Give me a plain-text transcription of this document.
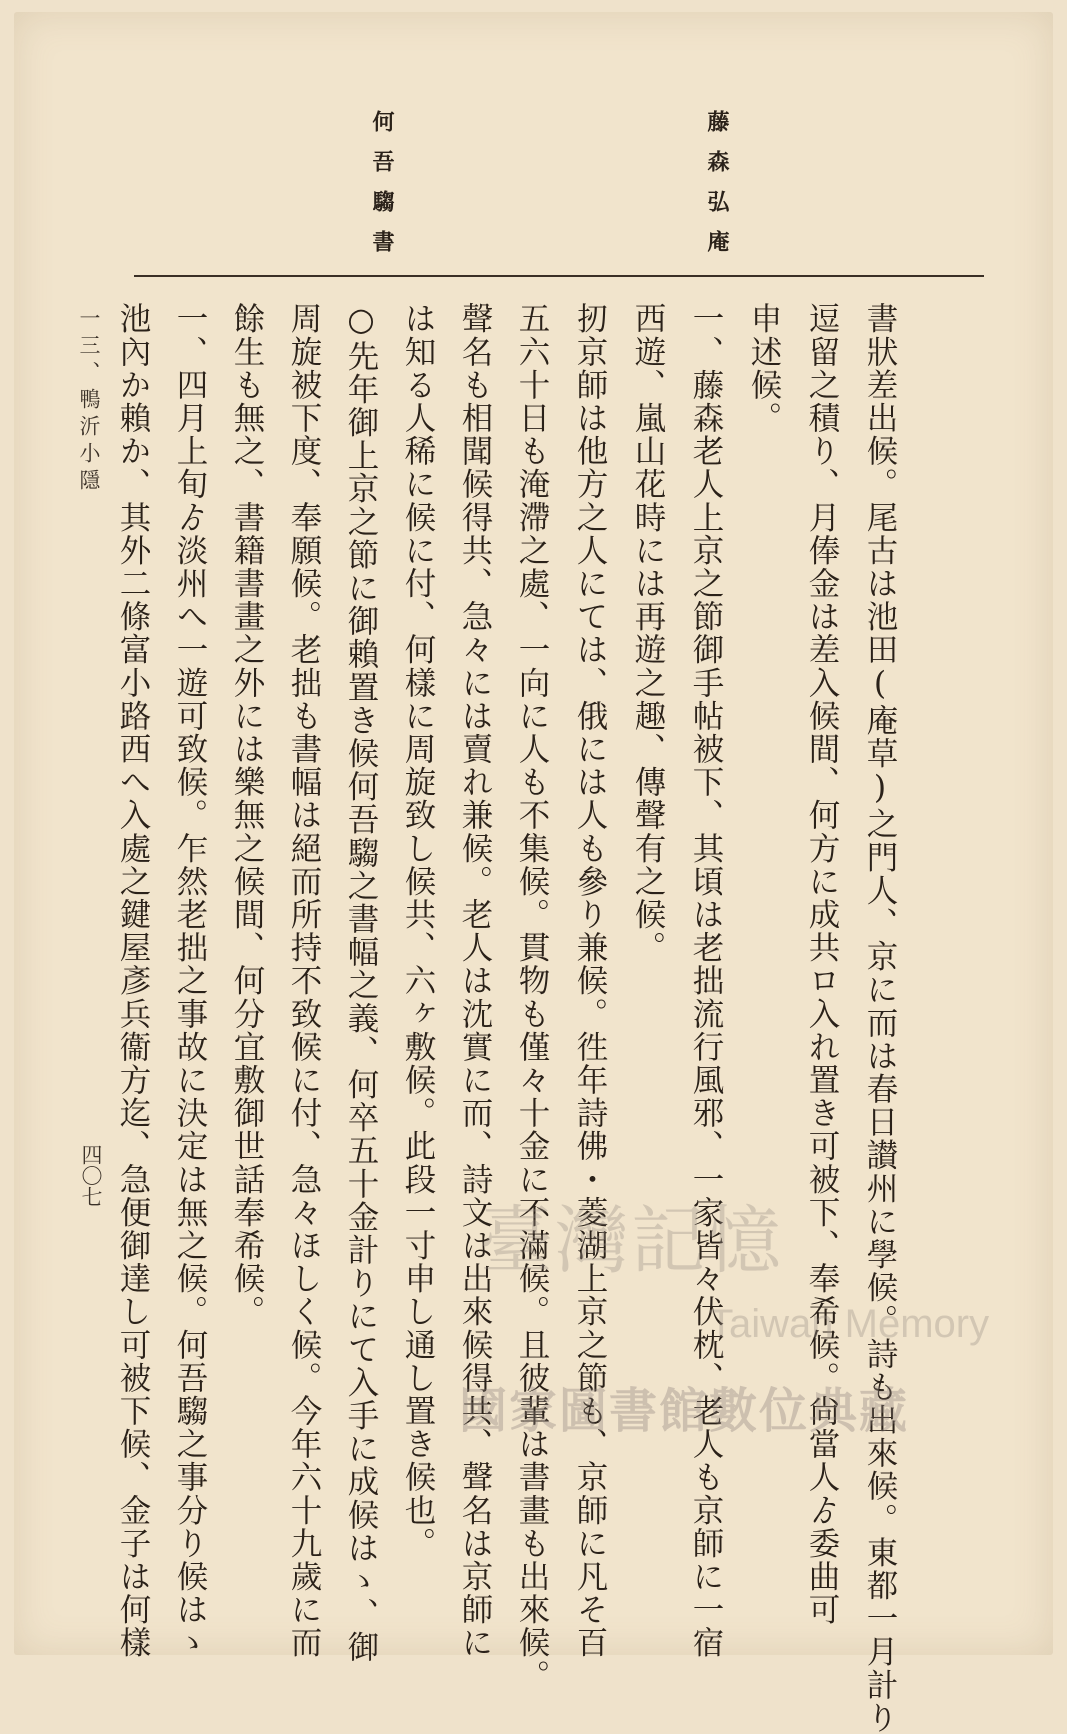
藤森弘庵
何吾騶書
書狀差出候。尾古は池田(庵草)之門人、京に而は春日讃州に學候。詩も出來候。東都一月計り
逗留之積り、月俸金は差入候間、何方に成共ロ入れ置き可被下、奉希候。尙當人ゟ委曲可
申述候。
一、藤森老人上京之節御手帖被下、其頃は老拙流行風邪、一家皆々伏枕、老人も京師に一宿
西遊、嵐山花時には再遊之趣、傳聲有之候。
扨京師は他方之人にては、俄には人も參り兼候。徃年詩佛・菱湖上京之節も、京師に凡そ百
五六十日も淹滯之處、一向に人も不集候。貫物も僅々十金に不滿候。且彼輩は書畫も出來候。
聲名も相聞候得共、急々には賣れ兼候。老人は沈實に而、詩文は出來候得共、聲名は京師に
は知る人稀に候に付、何樣に周旋致し候共、六ヶ敷候。此段一寸申し通し置き候也。
○先年御上京之節に御賴置き候何吾騶之書幅之義、何卒五十金計りにて入手に成候はゝ、御
周旋被下度、奉願候。老拙も書幅は絕而所持不致候に付、急々ほしく候。今年六十九歲に而
餘生も無之、書籍書畫之外には樂無之候間、何分宜敷御世話奉希候。
一、四月上旬ゟ淡州へ一遊可致候。乍然老拙之事故に決定は無之候。何吾騶之事分り候はゝ
池內か賴か、其外二條富小路西へ入處之鍵屋彥兵衞方迄、急便御達し可被下候、金子は何樣
一三、鴨沂小隱
四〇七
臺灣記憶
Taiwan Memory
國家圖書館數位典藏
